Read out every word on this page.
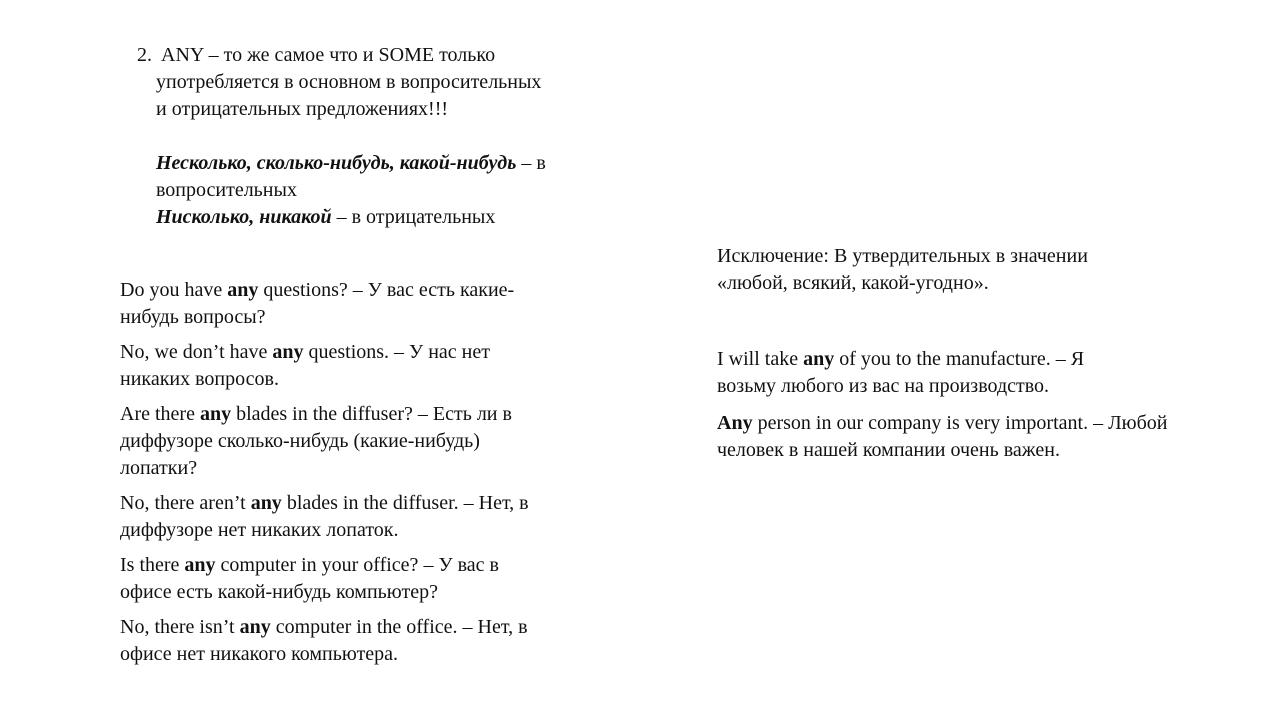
2. ANY – то же самое что и SOME только

употребляется в основном в вопросительных

и отрицательных предложениях!!!

Несколько, сколько-нибудь, какой-нибудь – в вопросительных

Нисколько, никакой – в отрицательных

Do you have any questions? – У вас есть какие-нибудь вопросы?

No, we don’t have any questions. – У нас нет никаких вопросов.

Are there any blades in the diffuser? – Есть ли в диффузоре сколько-нибудь (какие-нибудь) лопатки?

No, there aren’t any blades in the diffuser. – Нет, в диффузоре нет никаких лопаток.

Is there any computer in your office? – У вас в офисе есть какой-нибудь компьютер?

No, there isn’t any computer in the office. – Нет, в офисе нет никакого компьютера.

Исключение: В утвердительных в значении

«любой, всякий, какой-угодно».

I will take any of you to the manufacture. – Я возьму любого из вас на производство.

Any person in our company is very important. – Любой человек в нашей компании очень важен.
